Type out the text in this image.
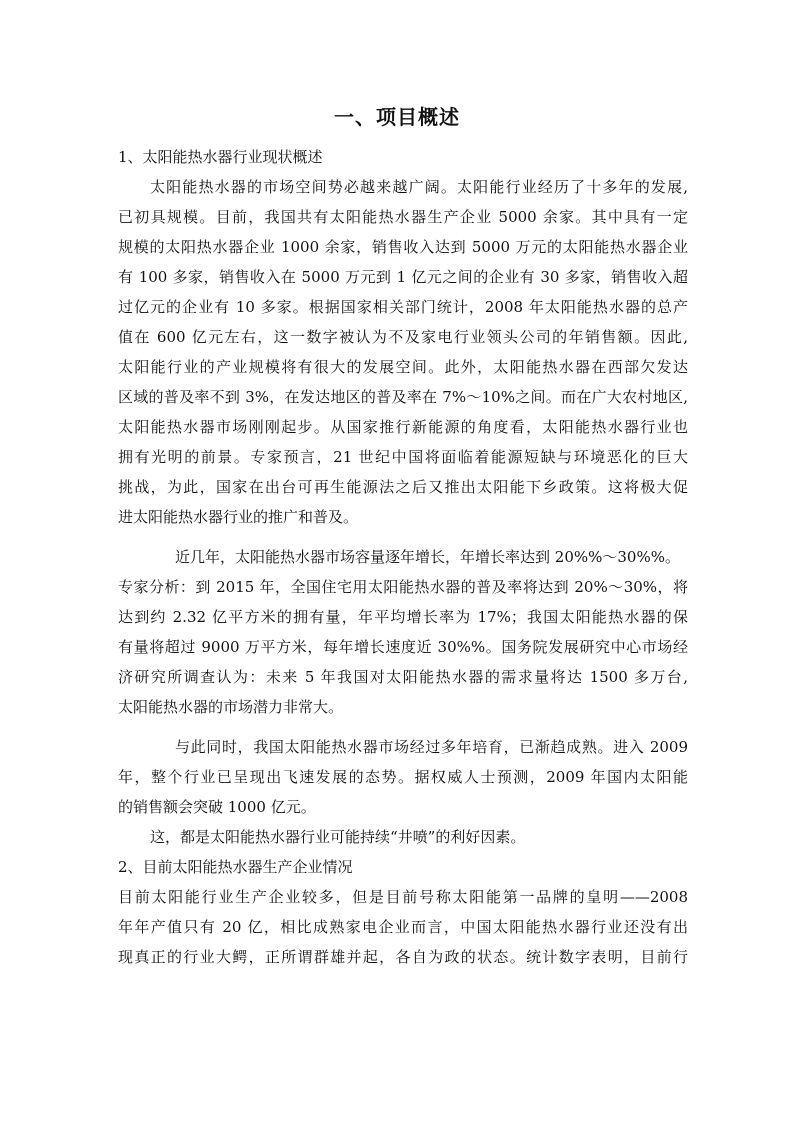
一、项目概述
1、太阳能热水器行业现状概述
太阳能热水器的市场空间势必越来越广阔。太阳能行业经历了十多年的发展,
已初具规模。目前，我国共有太阳能热水器生产企业 5000 余家。其中具有一定
规模的太阳热水器企业 1000 余家，销售收入达到 5000 万元的太阳能热水器企业
有 100 多家，销售收入在 5000 万元到 1 亿元之间的企业有 30 多家，销售收入超
过亿元的企业有 10 多家。根据国家相关部门统计，2008 年太阳能热水器的总产
值在 600 亿元左右，这一数字被认为不及家电行业领头公司的年销售额。因此,
太阳能行业的产业规模将有很大的发展空间。此外，太阳能热水器在西部欠发达
区域的普及率不到 3%，在发达地区的普及率在 7%～10%之间。而在广大农村地区,
太阳能热水器市场刚刚起步。从国家推行新能源的角度看，太阳能热水器行业也
拥有光明的前景。专家预言，21 世纪中国将面临着能源短缺与环境恶化的巨大
挑战，为此，国家在出台可再生能源法之后又推出太阳能下乡政策。这将极大促
进太阳能热水器行业的推广和普及。
近几年，太阳能热水器市场容量逐年增长，年增长率达到 20%%～30%%。
专家分析：到 2015 年，全国住宅用太阳能热水器的普及率将达到 20%～30%，将
达到约 2.32 亿平方米的拥有量，年平均增长率为 17%；我国太阳能热水器的保
有量将超过 9000 万平方米，每年增长速度近 30%%。国务院发展研究中心市场经
济研究所调查认为：未来 5 年我国对太阳能热水器的需求量将达 1500 多万台,
太阳能热水器的市场潜力非常大。
与此同时，我国太阳能热水器市场经过多年培育，已渐趋成熟。进入 2009
年，整个行业已呈现出飞速发展的态势。据权威人士预测，2009 年国内太阳能
的销售额会突破 1000 亿元。
这，都是太阳能热水器行业可能持续“井喷”的利好因素。
2、目前太阳能热水器生产企业情况
目前太阳能行业生产企业较多，但是目前号称太阳能第一品牌的皇明——2008
年年产值只有 20 亿，相比成熟家电企业而言，中国太阳能热水器行业还没有出
现真正的行业大鳄，正所谓群雄并起，各自为政的状态。统计数字表明，目前行
